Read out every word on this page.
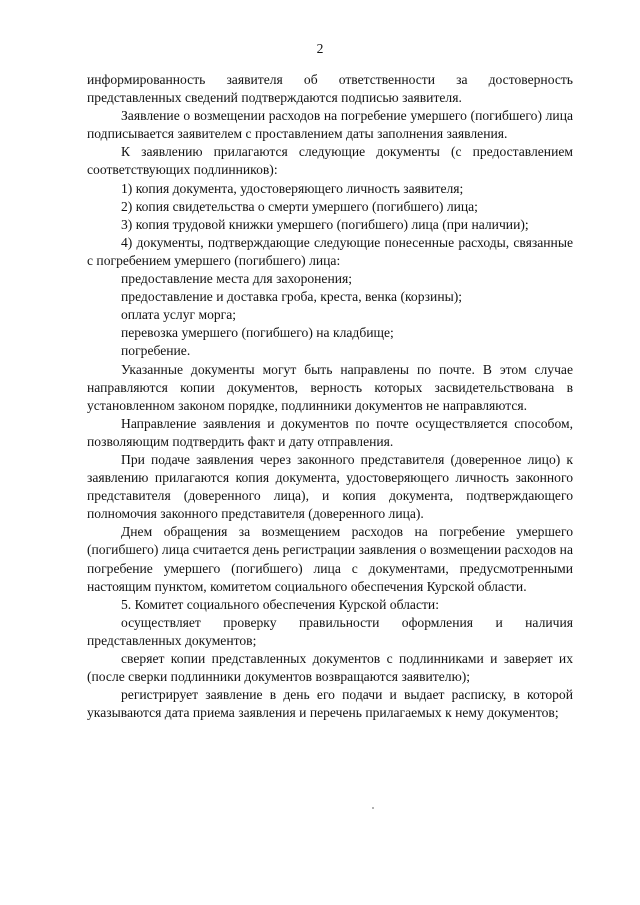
2

информированность заявителя об ответственности за достоверность представленных сведений подтверждаются подписью заявителя.

Заявление о возмещении расходов на погребение умершего (погибшего) лица подписывается заявителем с проставлением даты заполнения заявления.

К заявлению прилагаются следующие документы (с предоставлением соответствующих подлинников):

1) копия документа, удостоверяющего личность заявителя;

2) копия свидетельства о смерти умершего (погибшего) лица;

3) копия трудовой книжки умершего (погибшего) лица (при наличии);

4) документы, подтверждающие следующие понесенные расходы, связанные с погребением умершего (погибшего) лица:

предоставление места для захоронения;

предоставление и доставка гроба, креста, венка (корзины);

оплата услуг морга;

перевозка умершего (погибшего) на кладбище;

погребение.

Указанные документы могут быть направлены по почте. В этом случае направляются копии документов, верность которых засвидетельствована в установленном законом порядке, подлинники документов не направляются.

Направление заявления и документов по почте осуществляется способом, позволяющим подтвердить факт и дату отправления.

При подаче заявления через законного представителя (доверенное лицо) к заявлению прилагаются копия документа, удостоверяющего личность законного представителя (доверенного лица), и копия документа, подтверждающего полномочия законного представителя (доверенного лица).

Днем обращения за возмещением расходов на погребение умершего (погибшего) лица считается день регистрации заявления о возмещении расходов на погребение умершего (погибшего) лица с документами, предусмотренными настоящим пунктом, комитетом социального обеспечения Курской области.

5. Комитет социального обеспечения Курской области:

осуществляет проверку правильности оформления и наличия представленных документов;

сверяет копии представленных документов с подлинниками и заверяет их (после сверки подлинники документов возвращаются заявителю);

регистрирует заявление в день его подачи и выдает расписку, в которой указываются дата приема заявления и перечень прилагаемых к нему документов;
